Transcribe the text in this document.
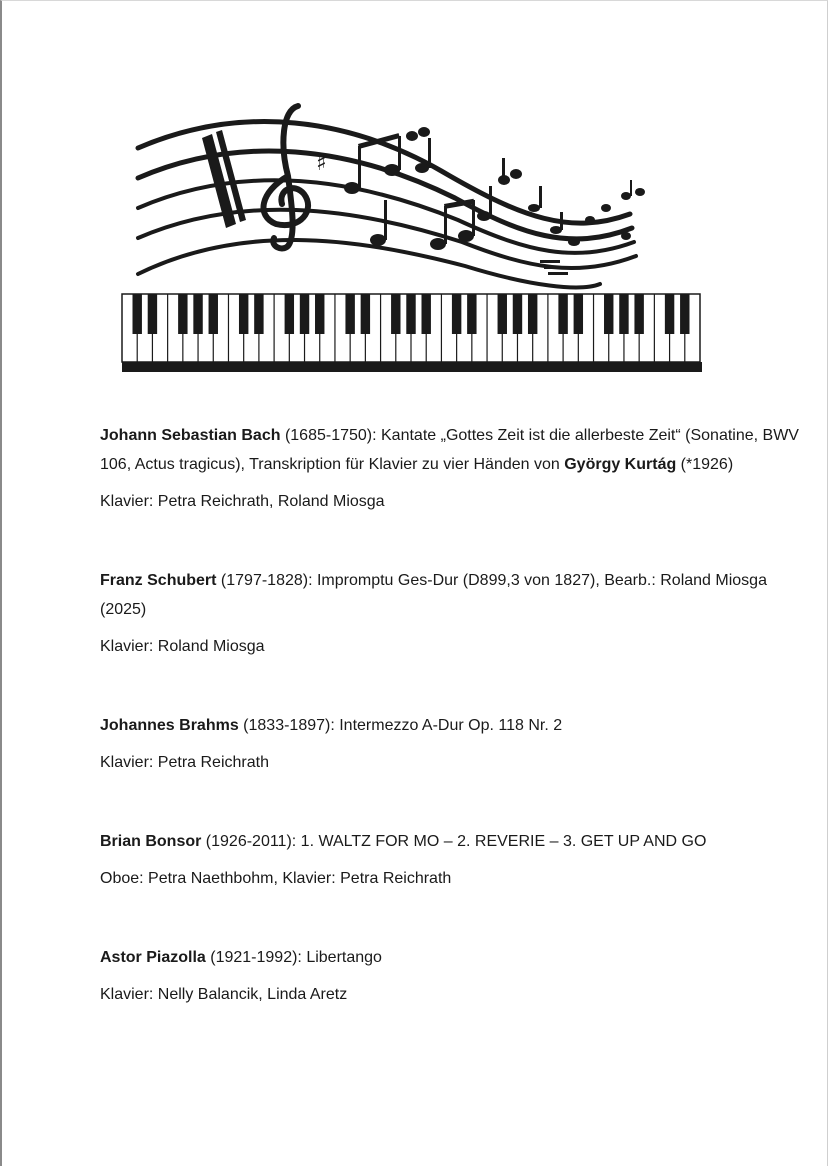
♯

Johann Sebastian Bach (1685-1750): Kantate „Gottes Zeit ist die allerbeste Zeit“ (Sonatine, BWV 106, Actus tragicus), Transkription für Klavier zu vier Händen von György Kurtág (*1926)

Klavier: Petra Reichrath, Roland Miosga

Franz Schubert (1797-1828): Impromptu Ges-Dur (D899,3 von 1827), Bearb.: Roland Miosga (2025)

Klavier: Roland Miosga

Johannes Brahms (1833-1897): Intermezzo A-Dur Op. 118 Nr. 2

Klavier: Petra Reichrath

Brian Bonsor (1926-2011): 1. WALTZ FOR MO – 2. REVERIE – 3. GET UP AND GO

Oboe: Petra Naethbohm, Klavier: Petra Reichrath

Astor Piazolla (1921-1992): Libertango

Klavier: Nelly Balancik, Linda Aretz
